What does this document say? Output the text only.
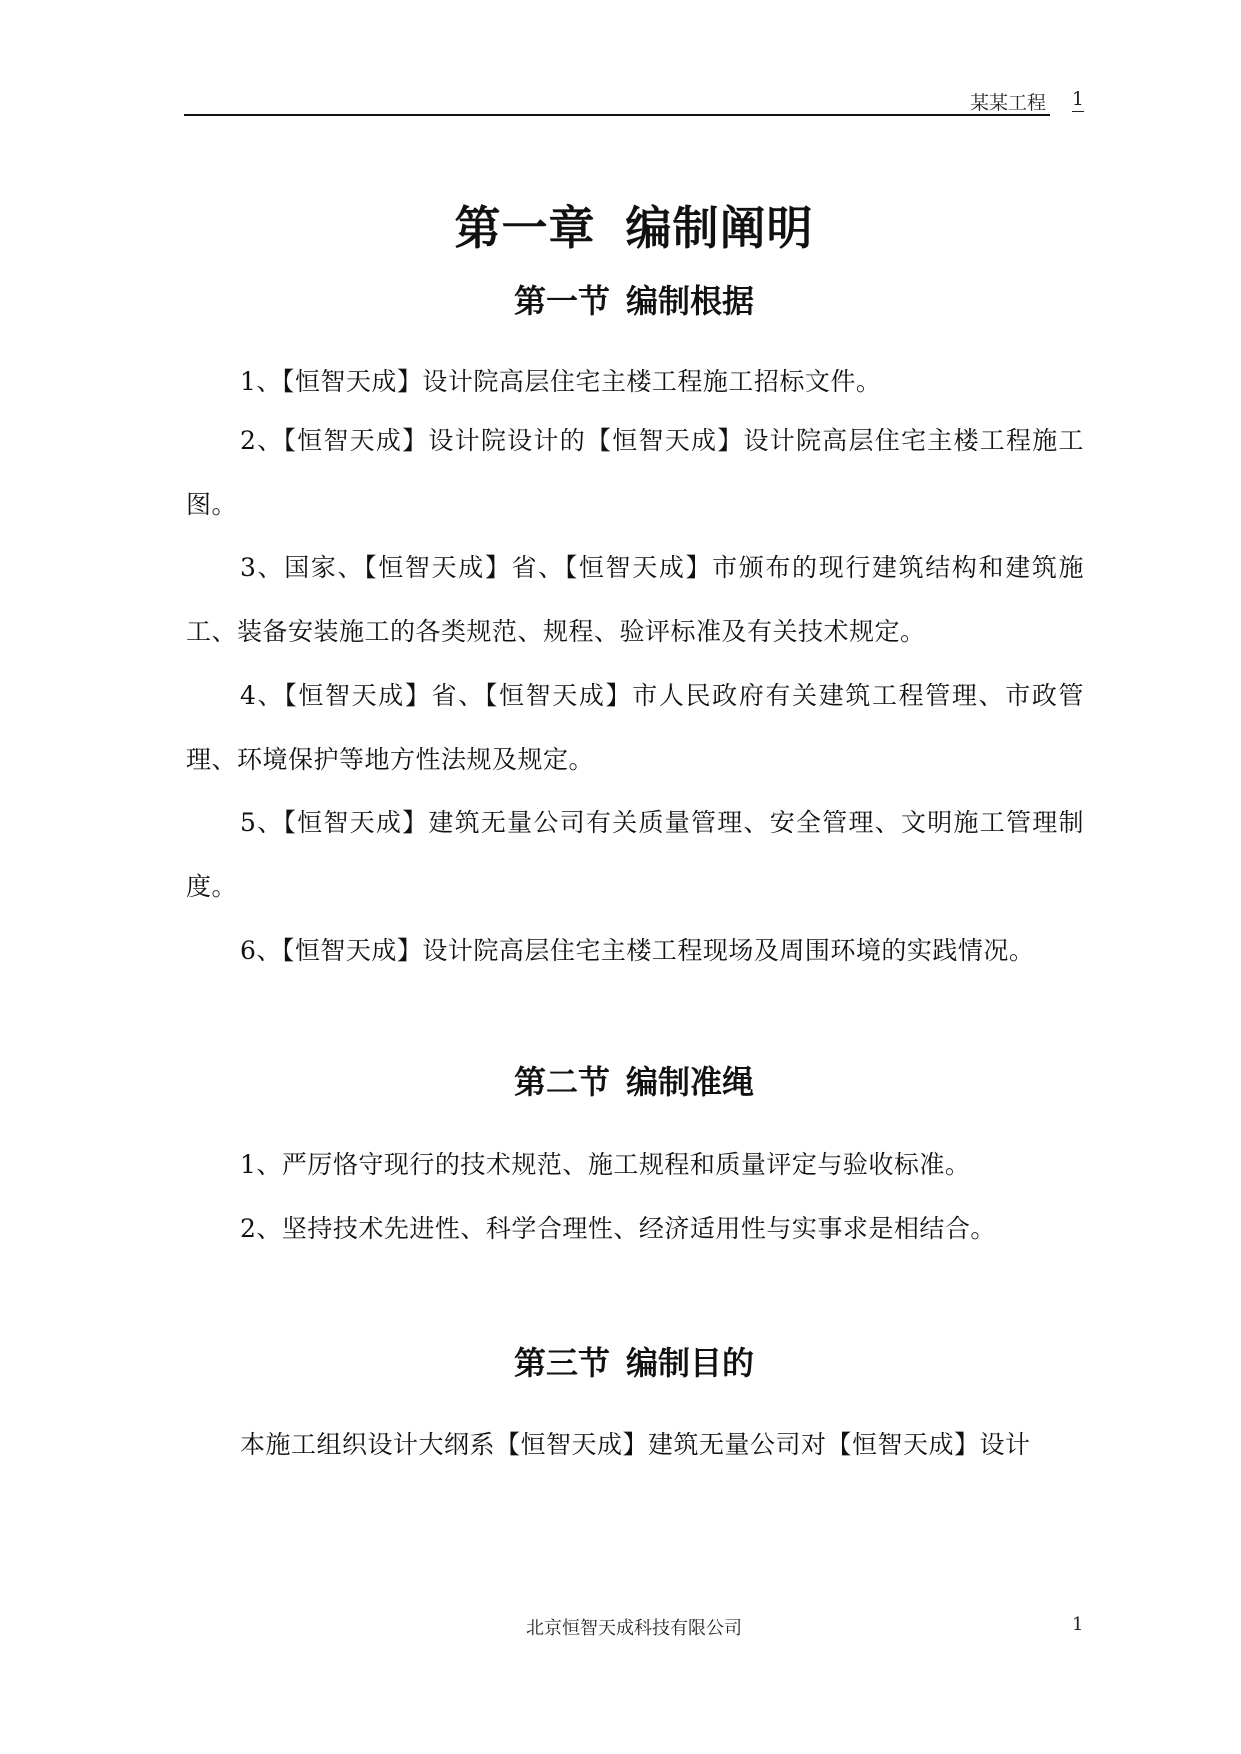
某某工程 1
第一章 编制阐明
第一节 编制根据

1、【恒智天成】设计院高层住宅主楼工程施工招标文件。

2、【恒智天成】设计院设计的【恒智天成】设计院高层住宅主楼工程施工图。

3、国家、【恒智天成】省、【恒智天成】市颁布的现行建筑结构和建筑施工、装备安装施工的各类规范、规程、验评标准及有关技术规定。

4、【恒智天成】省、【恒智天成】市人民政府有关建筑工程管理、市政管理、环境保护等地方性法规及规定。

5、【恒智天成】建筑无量公司有关质量管理、安全管理、文明施工管理制度。

6、【恒智天成】设计院高层住宅主楼工程现场及周围环境的实践情况。

第二节 编制准绳

1、严厉恪守现行的技术规范、施工规程和质量评定与验收标准。

2、坚持技术先进性、科学合理性、经济适用性与实事求是相结合。

第三节 编制目的

本施工组织设计大纲系【恒智天成】建筑无量公司对【恒智天成】设计

北京恒智天成科技有限公司	1
